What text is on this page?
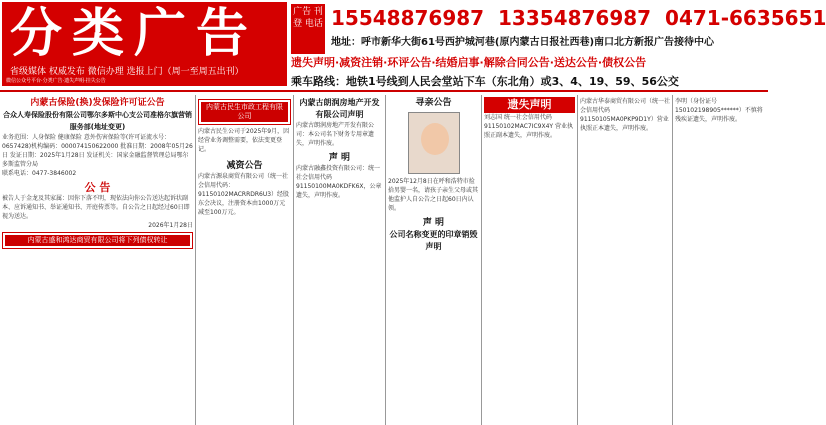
分类广告
省级媒体 权威发布 微信办理 选报上门（周一至周五出刊）
微信公众号平台·分类广告·遗失声明·挂失公告
广告 刊登 电话 15548876987 13354876987 0471-6635651
地址：呼市新华大街61号西护城河巷(原内蒙古日报社西巷)南口北方新报广告接待中心
遗失声明·减资注销·环评公告·结婚启事·解除合同公告·送达公告·债权公告
乘车路线：地铁1号线到人民会堂站下车（东北角）或3、4、19、59、56公交
内蒙古保险(换)发保险许可证公告
合众人寿保险股份有限公司鄂尔多斯中心支公司准格尔旗营销服务部(地址变更)
业务范围：人身保险 健康保险 意外伤害保险等(许可证流水号：0657428)机构编码：000074150622000 批准日期：2008年05月26日 发证日期：2025年1月28日 发证机关：国家金融监督管理总局鄂尔多斯监管分局
联系电话：0477-3846002
公 告
被告人于金龙及其家属：因你下落不明，现依法向你公告送达起诉状副本、应诉通知书、举证通知书、开庭传票等。自公告之日起经过60日即视为送达。
2026年1月28日
内蒙古盛和鸿达商贸有限公司将下列债权转让
内蒙古民生市政工程有限公司
内蒙古民生公司于2025年9月，因经营业务调整需要，依法变更登记。
减资公告
内蒙古源泉商贸有限公司（统一社会信用代码：91150102MACRRDR6U3）经股东会决议，注册资本由1000万元减至100万元。
内蒙古朗润房地产开发有限公司声明
内蒙古朗润房地产开发有限公司：本公司名下财务专用章遗失，声明作废。
声 明
内蒙古融鑫投资有限公司：统一社会信用代码91150100MA0KDFK6X，公章遗失，声明作废。
寻亲公告
2025年12月8日在呼和浩特市捡拾男婴一名，请孩子亲生父母或其他监护人自公告之日起60日内认领。
声 明
公司名称变更的印章销毁声明
遗失声明
刘志国 统一社会信用代码91150102MAC7IC9X4Y 营业执照正副本遗失，声明作废。
内蒙古华泰商贸有限公司（统一社会信用代码91150105MA0PKP9D1Y）营业执照正本遗失，声明作废。
李明（身份证号150102198905******）不慎将残疾证遗失，声明作废。
